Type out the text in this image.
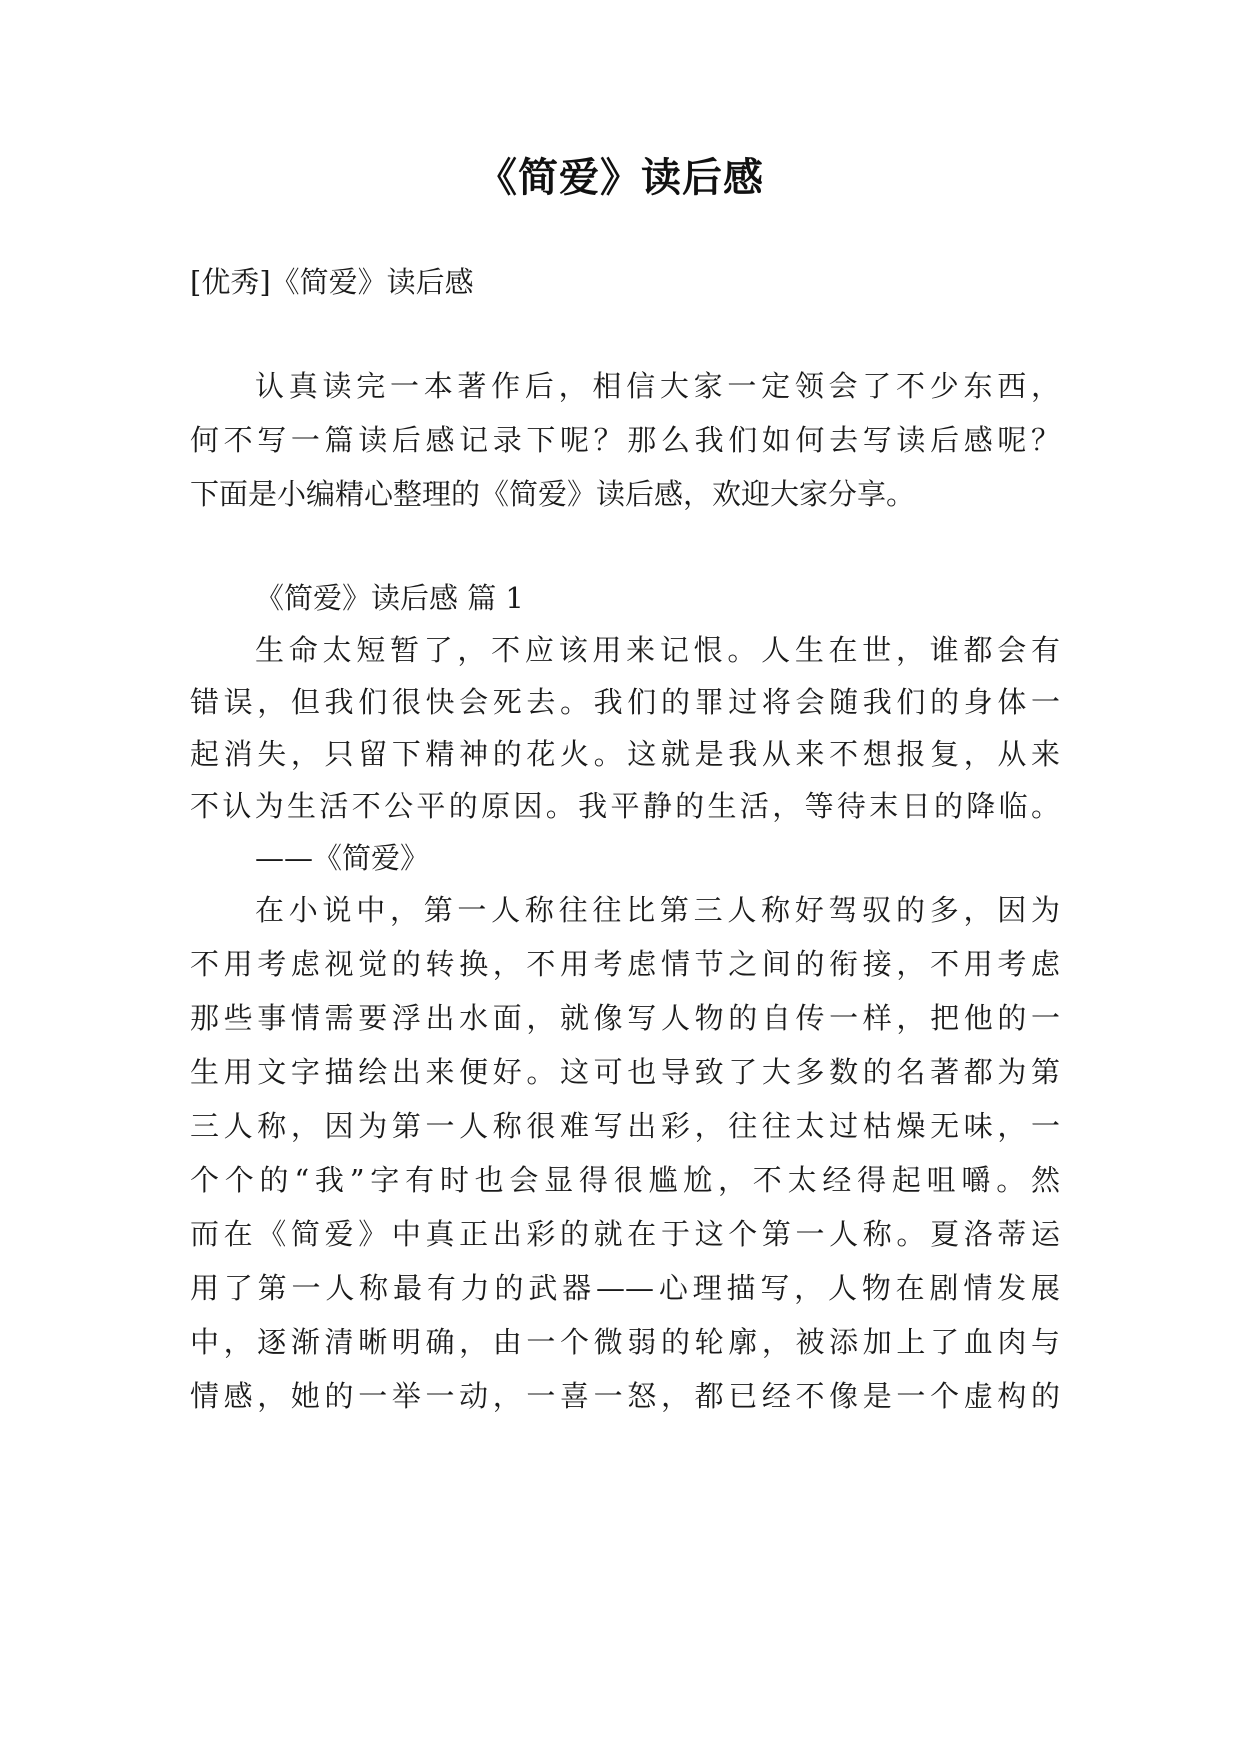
《简爱》读后感
[优秀]《简爱》读后感
认真读完一本著作后，相信大家一定领会了不少东西，
何不写一篇读后感记录下呢？那么我们如何去写读后感呢？
下面是小编精心整理的《简爱》读后感，欢迎大家分享。
《简爱》读后感 篇 1
生命太短暂了，不应该用来记恨。人生在世，谁都会有
错误，但我们很快会死去。我们的罪过将会随我们的身体一
起消失，只留下精神的花火。这就是我从来不想报复，从来
不认为生活不公平的原因。我平静的生活，等待末日的降临。
——《简爱》
在小说中，第一人称往往比第三人称好驾驭的多，因为
不用考虑视觉的转换，不用考虑情节之间的衔接，不用考虑
那些事情需要浮出水面，就像写人物的自传一样，把他的一
生用文字描绘出来便好。这可也导致了大多数的名著都为第
三人称，因为第一人称很难写出彩，往往太过枯燥无味，一
个个的“我”字有时也会显得很尴尬，不太经得起咀嚼。然
而在《简爱》中真正出彩的就在于这个第一人称。夏洛蒂运
用了第一人称最有力的武器——心理描写，人物在剧情发展
中，逐渐清晰明确，由一个微弱的轮廓，被添加上了血肉与
情感，她的一举一动，一喜一怒，都已经不像是一个虚构的
